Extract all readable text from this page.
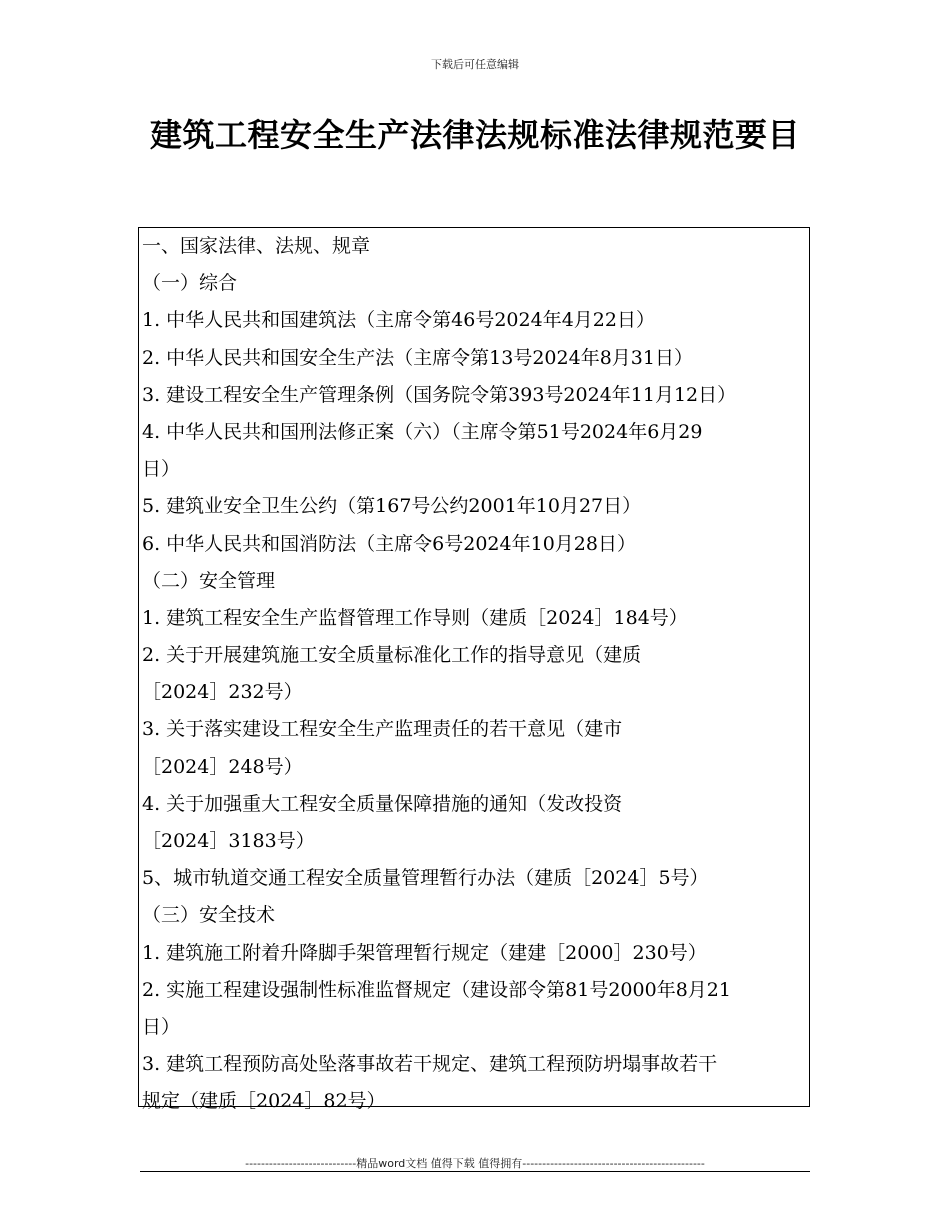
下载后可任意编辑
建筑工程安全生产法律法规标准法律规范要目
一、国家法律、法规、规章
（一）综合
1. 中华人民共和国建筑法（主席令第46号2024年4月22日）
2. 中华人民共和国安全生产法（主席令第13号2024年8月31日）
3. 建设工程安全生产管理条例（国务院令第393号2024年11月12日）
4. 中华人民共和国刑法修正案（六）（主席令第51号2024年6月29
日）
5. 建筑业安全卫生公约（第167号公约2001年10月27日）
6. 中华人民共和国消防法（主席令6号2024年10月28日）
（二）安全管理
1. 建筑工程安全生产监督管理工作导则（建质［2024］184号）
2. 关于开展建筑施工安全质量标准化工作的指导意见（建质
［2024］232号）
3. 关于落实建设工程安全生产监理责任的若干意见（建市
［2024］248号）
4. 关于加强重大工程安全质量保障措施的通知（发改投资
［2024］3183号）
5、城市轨道交通工程安全质量管理暂行办法（建质［2024］5号）
（三）安全技术
1. 建筑施工附着升降脚手架管理暂行规定（建建［2000］230号）
2. 实施工程建设强制性标准监督规定（建设部令第81号2000年8月21
日）
3. 建筑工程预防高处坠落事故若干规定、建筑工程预防坍塌事故若干
规定（建质［2024］82号）
----------------------------精品word文档 值得下载 值得拥有----------------------------------------------
